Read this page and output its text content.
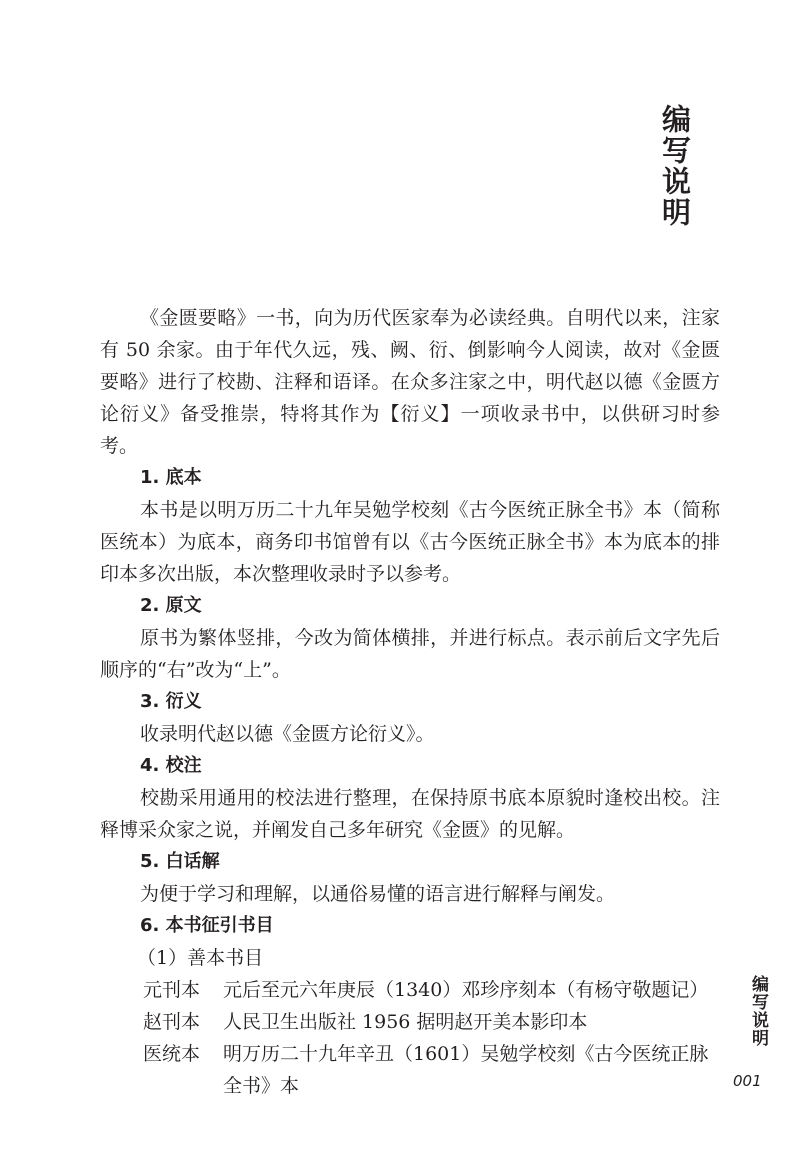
编写说明

《金匮要略》一书，向为历代医家奉为必读经典。自明代以来，注家有 50 余家。由于年代久远，残、阙、衍、倒影响今人阅读，故对《金匮要略》进行了校勘、注释和语译。在众多注家之中，明代赵以德《金匮方论衍义》备受推崇，特将其作为【衍义】一项收录书中，以供研习时参考。

1. 底本

本书是以明万历二十九年吴勉学校刻《古今医统正脉全书》本（简称医统本）为底本，商务印书馆曾有以《古今医统正脉全书》本为底本的排印本多次出版，本次整理收录时予以参考。

2. 原文

原书为繁体竖排，今改为简体横排，并进行标点。表示前后文字先后顺序的“右”改为“上”。

3. 衍义

收录明代赵以德《金匮方论衍义》。

4. 校注

校勘采用通用的校法进行整理，在保持原书底本原貌时逢校出校。注释博采众家之说，并阐发自己多年研究《金匮》的见解。

5. 白话解

为便于学习和理解，以通俗易懂的语言进行解释与阐发。

6. 本书征引书目

（1）善本书目

元刊本	元后至元六年庚辰（1340）邓珍序刻本（有杨守敬题记）
赵刊本	人民卫生出版社 1956 据明赵开美本影印本
医统本	明万历二十九年辛丑（1601）吴勉学校刻《古今医统正脉全书》本
编写说明
001
